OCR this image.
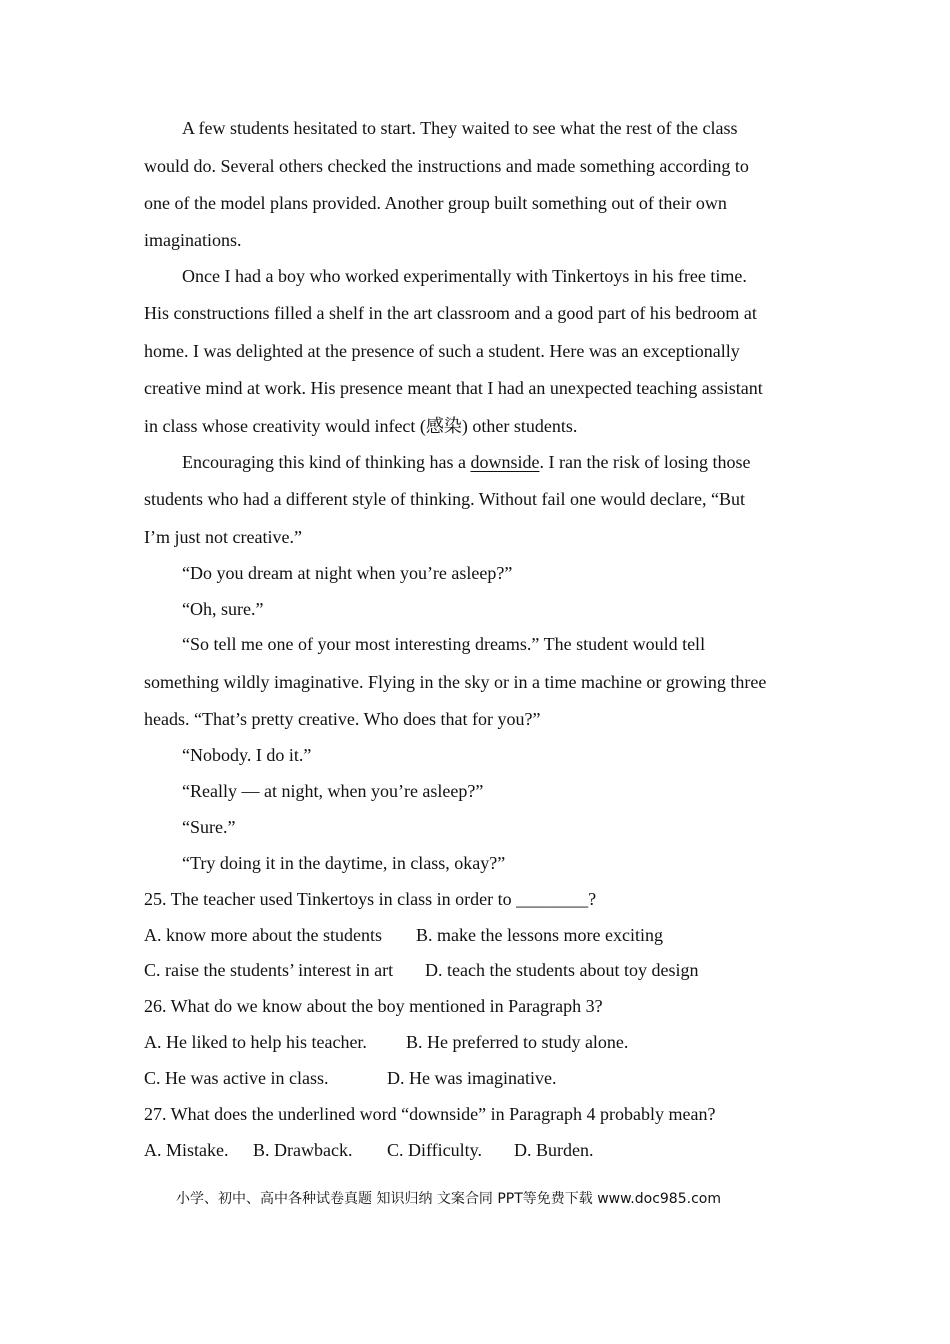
A few students hesitated to start. They waited to see what the rest of the class
would do. Several others checked the instructions and made something according to
one of the model plans provided. Another group built something out of their own
imaginations.
Once I had a boy who worked experimentally with Tinkertoys in his free time.
His constructions filled a shelf in the art classroom and a good part of his bedroom at
home. I was delighted at the presence of such a student. Here was an exceptionally
creative mind at work. His presence meant that I had an unexpected teaching assistant
in class whose creativity would infect (感染) other students.
Encouraging this kind of thinking has a downside. I ran the risk of losing those
students who had a different style of thinking. Without fail one would declare, “But
I’m just not creative.”
“Do you dream at night when you’re asleep?”
“Oh, sure.”
“So tell me one of your most interesting dreams.” The student would tell
something wildly imaginative. Flying in the sky or in a time machine or growing three
heads. “That’s pretty creative. Who does that for you?”
“Nobody. I do it.”
“Really — at night, when you’re asleep?”
“Sure.”
“Try doing it in the daytime, in class, okay?”
25. The teacher used Tinkertoys in class in order to ________?
A. know more about the students B. make the lessons more exciting
C. raise the students’ interest in art D. teach the students about toy design
26. What do we know about the boy mentioned in Paragraph 3?
A. He liked to help his teacher. B. He preferred to study alone.
C. He was active in class.	D. He was imaginative.
27. What does the underlined word “downside” in Paragraph 4 probably mean?
A. Mistake. B. Drawback. C. Difficulty. D. Burden.
小学、初中、高中各种试卷真题 知识归纳 文案合同 PPT等免费下载 www.doc985.com
